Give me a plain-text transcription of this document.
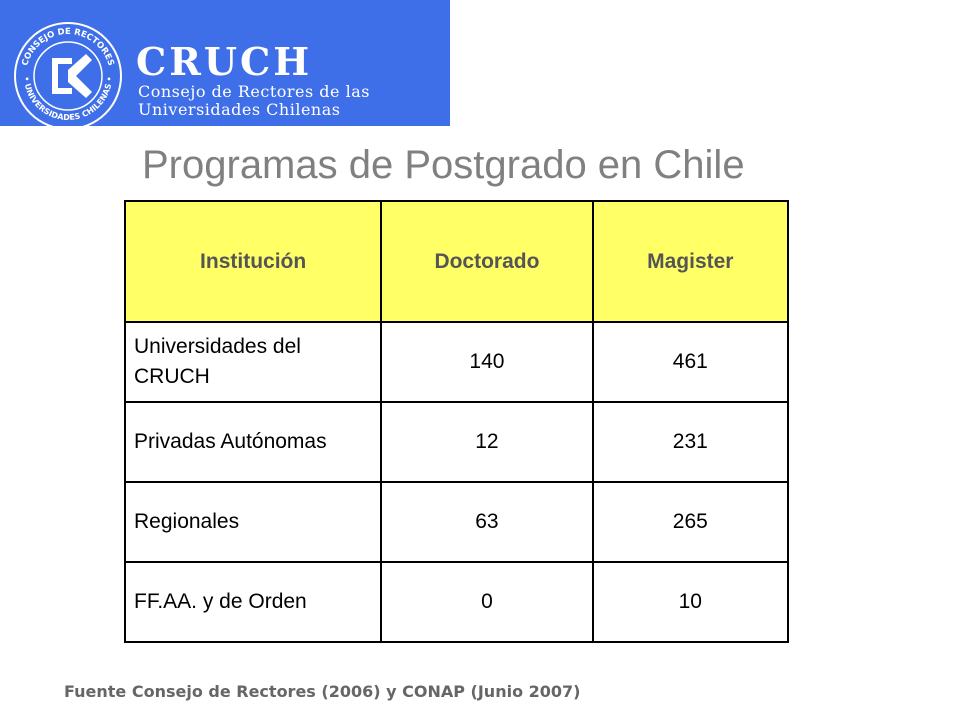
CONSEJO DE RECTORES
• UNIVERSIDADES CHILENAS • CRUCH
Consejo de Rectores de las
Universidades Chilenas
Programas de Postgrado en Chile
Institución	Doctorado	Magister
Universidades del CRUCH	140	461
Privadas Autónomas	12	231
Regionales	63	265
FF.AA. y de Orden	0	10
Fuente Consejo de Rectores (2006) y CONAP (Junio 2007)
